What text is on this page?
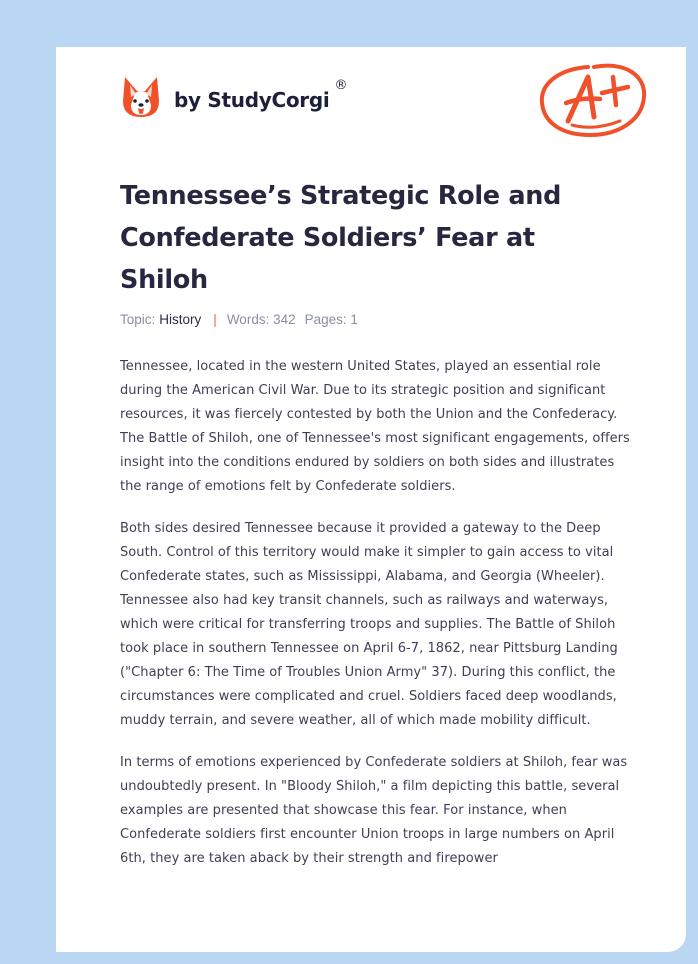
by StudyCorgi
®
Tennessee’s Strategic Role and Confederate Soldiers’ Fear at Shiloh
Topic: History | Words: 342 Pages: 1

Tennessee, located in the western United States, played an essential role during the American Civil War. Due to its strategic position and significant resources, it was fiercely contested by both the Union and the Confederacy. The Battle of Shiloh, one of Tennessee's most significant engagements, offers insight into the conditions endured by soldiers on both sides and illustrates the range of emotions felt by Confederate soldiers.

Both sides desired Tennessee because it provided a gateway to the Deep South. Control of this territory would make it simpler to gain access to vital Confederate states, such as Mississippi, Alabama, and Georgia (Wheeler). Tennessee also had key transit channels, such as railways and waterways, which were critical for transferring troops and supplies. The Battle of Shiloh took place in southern Tennessee on April 6-7, 1862, near Pittsburg Landing ("Chapter 6: The Time of Troubles Union Army" 37). During this conflict, the circumstances were complicated and cruel. Soldiers faced deep woodlands, muddy terrain, and severe weather, all of which made mobility difficult.

In terms of emotions experienced by Confederate soldiers at Shiloh, fear was undoubtedly present. In "Bloody Shiloh," a film depicting this battle, several examples are presented that showcase this fear. For instance, when Confederate soldiers first encounter Union troops in large numbers on April 6th, they are taken aback by their strength and firepower
